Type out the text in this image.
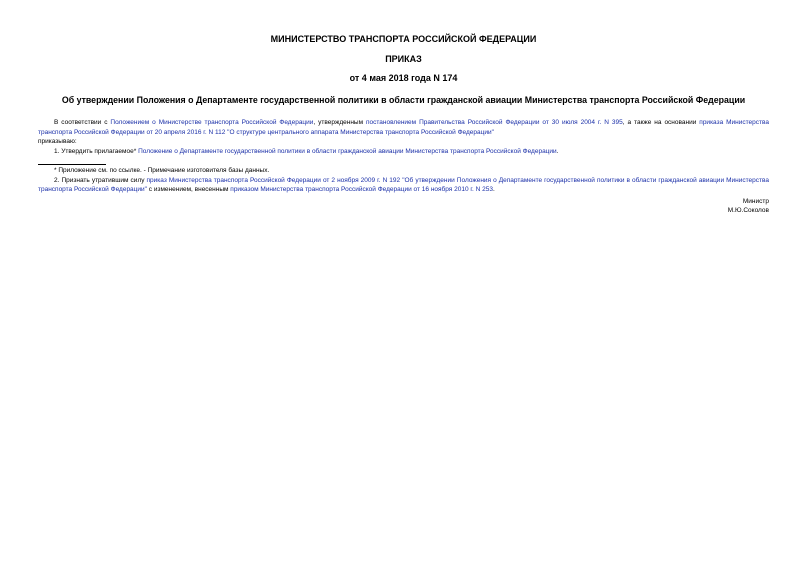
МИНИСТЕРСТВО ТРАНСПОРТА РОССИЙСКОЙ ФЕДЕРАЦИИ
ПРИКАЗ
от 4 мая 2018 года N 174
Об утверждении Положения о Департаменте государственной политики в области гражданской авиации Министерства транспорта Российской Федерации

В соответствии с Положением о Министерстве транспорта Российской Федерации, утвержденным постановлением Правительства Российской Федерации от 30 июля 2004 г. N 395, а также на основании приказа Министерства транспорта Российской Федерации от 20 апреля 2016 г. N 112 "О структуре центрального аппарата Министерства транспорта Российской Федерации"

приказываю:

1. Утвердить прилагаемое* Положение о Департаменте государственной политики в области гражданской авиации Министерства транспорта Российской Федерации.

* Приложение см. по ссылке. - Примечание изготовителя базы данных.

2. Признать утратившим силу приказ Министерства транспорта Российской Федерации от 2 ноября 2009 г. N 192 "Об утверждении Положения о Департаменте государственной политики в области гражданской авиации Министерства транспорта Российской Федерации" с изменением, внесенным приказом Министерства транспорта Российской Федерации от 16 ноября 2010 г. N 253.

Министр
М.Ю.Соколов
